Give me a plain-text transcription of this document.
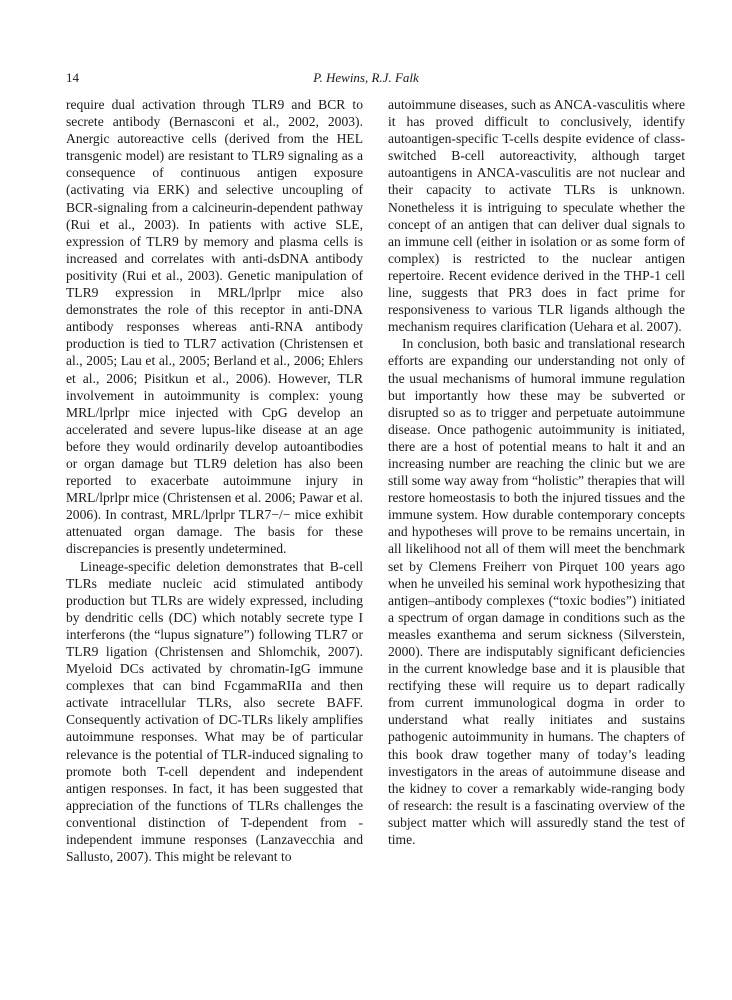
14	P. Hewins, R.J. Falk

require dual activation through TLR9 and BCR to secrete antibody (Bernasconi et al., 2002, 2003). Anergic autoreactive cells (derived from the HEL transgenic model) are resistant to TLR9 signaling as a consequence of continuous antigen exposure (activating via ERK) and selective uncoupling of BCR-signaling from a calcineurin-dependent pathway (Rui et al., 2003). In patients with active SLE, expression of TLR9 by memory and plasma cells is increased and correlates with anti-dsDNA antibody positivity (Rui et al., 2003). Genetic manipulation of TLR9 expression in MRL/lprlpr mice also demonstrates the role of this receptor in anti-DNA antibody responses whereas anti-RNA antibody production is tied to TLR7 activation (Christensen et al., 2005; Lau et al., 2005; Berland et al., 2006; Ehlers et al., 2006; Pisitkun et al., 2006). However, TLR involvement in autoimmunity is complex: young MRL/lprlpr mice injected with CpG develop an accelerated and severe lupus-like disease at an age before they would ordinarily develop autoantibodies or organ damage but TLR9 deletion has also been reported to exacerbate autoimmune injury in MRL/lprlpr mice (Christensen et al. 2006; Pawar et al. 2006). In contrast, MRL/lprlpr TLR7−/− mice exhibit attenuated organ damage. The basis for these discrepancies is presently undetermined.

Lineage-specific deletion demonstrates that B-cell TLRs mediate nucleic acid stimulated antibody production but TLRs are widely expressed, including by dendritic cells (DC) which notably secrete type I interferons (the “lupus signature”) following TLR7 or TLR9 ligation (Christensen and Shlomchik, 2007). Myeloid DCs activated by chromatin-IgG immune complexes that can bind FcgammaRIIa and then activate intracellular TLRs, also secrete BAFF. Consequently activation of DC-TLRs likely amplifies autoimmune responses. What may be of particular relevance is the potential of TLR-induced signaling to promote both T-cell dependent and independent antigen responses. In fact, it has been suggested that appreciation of the functions of TLRs challenges the conventional distinction of T-dependent from -independent immune responses (Lanzavecchia and Sallusto, 2007). This might be relevant to

autoimmune diseases, such as ANCA-vasculitis where it has proved difficult to conclusively, identify autoantigen-specific T-cells despite evidence of class-switched B-cell autoreactivity, although target autoantigens in ANCA-vasculitis are not nuclear and their capacity to activate TLRs is unknown. Nonetheless it is intriguing to speculate whether the concept of an antigen that can deliver dual signals to an immune cell (either in isolation or as some form of complex) is restricted to the nuclear antigen repertoire. Recent evidence derived in the THP-1 cell line, suggests that PR3 does in fact prime for responsiveness to various TLR ligands although the mechanism requires clarification (Uehara et al. 2007).

In conclusion, both basic and translational research efforts are expanding our understanding not only of the usual mechanisms of humoral immune regulation but importantly how these may be subverted or disrupted so as to trigger and perpetuate autoimmune disease. Once pathogenic autoimmunity is initiated, there are a host of potential means to halt it and an increasing number are reaching the clinic but we are still some way away from “holistic” therapies that will restore homeostasis to both the injured tissues and the immune system. How durable contemporary concepts and hypotheses will prove to be remains uncertain, in all likelihood not all of them will meet the benchmark set by Clemens Freiherr von Pirquet 100 years ago when he unveiled his seminal work hypothesizing that antigen–antibody complexes (“toxic bodies”) initiated a spectrum of organ damage in conditions such as the measles exanthema and serum sickness (Silverstein, 2000). There are indisputably significant deficiencies in the current knowledge base and it is plausible that rectifying these will require us to depart radically from current immunological dogma in order to understand what really initiates and sustains pathogenic autoimmunity in humans. The chapters of this book draw together many of today’s leading investigators in the areas of autoimmune disease and the kidney to cover a remarkably wide-ranging body of research: the result is a fascinating overview of the subject matter which will assuredly stand the test of time.
